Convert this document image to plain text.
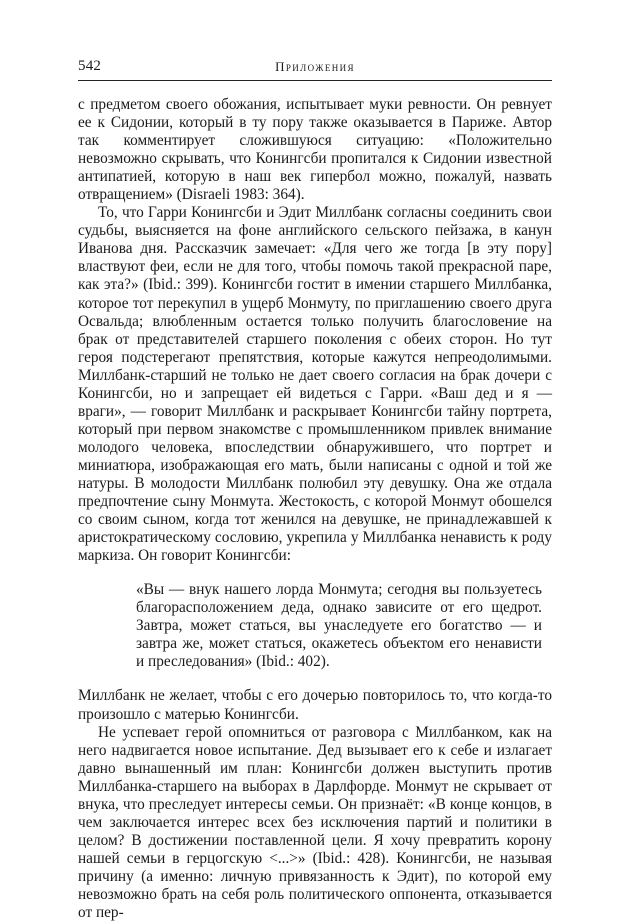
542	Приложения

с предметом своего обожания, испытывает муки ревности. Он ревнует ее к Сидонии, который в ту пору также оказывается в Париже. Автор так комментирует сложившуюся ситуацию: «Положительно невозможно скрывать, что Конингсби пропитался к Сидонии известной антипатией, которую в наш век гипербол можно, пожалуй, назвать отвращением» (Disraeli 1983: 364).

То, что Гарри Конингсби и Эдит Миллбанк согласны соединить свои судьбы, выясняется на фоне английского сельского пейзажа, в канун Иванова дня. Рассказчик замечает: «Для чего же тогда [в эту пору] властвуют феи, если не для того, чтобы помочь такой прекрасной паре, как эта?» (Ibid.: 399). Конингсби гостит в имении старшего Миллбанка, которое тот перекупил в ущерб Монмуту, по приглашению своего друга Освальда; влюбленным остается только получить благословение на брак от представителей старшего поколения с обеих сторон. Но тут героя подстерегают препятствия, которые кажутся непреодолимыми. Миллбанк-старший не только не дает своего согласия на брак дочери с Конингсби, но и запрещает ей видеться с Гарри. «Ваш дед и я — враги», — говорит Миллбанк и раскрывает Конингсби тайну портрета, который при первом знакомстве с промышленником привлек внимание молодого человека, впоследствии обнаружившего, что портрет и миниатюра, изображающая его мать, были написаны с одной и той же натуры. В молодости Миллбанк полюбил эту девушку. Она же отдала предпочтение сыну Монмута. Жестокость, с которой Монмут обошелся со своим сыном, когда тот женился на девушке, не принадлежавшей к аристократическому сословию, укрепила у Миллбанка ненависть к роду маркиза. Он говорит Конингсби:

«Вы — внук нашего лорда Монмута; сегодня вы пользуетесь благорасположением деда, однако зависите от его щедрот. Завтра, может статься, вы унаследуете его богатство — и завтра же, может статься, окажетесь объектом его ненависти и преследования» (Ibid.: 402).

Миллбанк не желает, чтобы с его дочерью повторилось то, что когда-то произошло с матерью Конингсби.

Не успевает герой опомниться от разговора с Миллбанком, как на него надвигается новое испытание. Дед вызывает его к себе и излагает давно вынашенный им план: Конингсби должен выступить против Миллбанка-старшего на выборах в Дарлфорде. Монмут не скрывает от внука, что преследует интересы семьи. Он признаёт: «В конце концов, в чем заключается интерес всех без исключения партий и политики в целом? В достижении поставленной цели. Я хочу превратить корону нашей семьи в герцогскую <...>» (Ibid.: 428). Конингсби, не называя причину (а именно: личную привязанность к Эдит), по которой ему невозможно брать на себя роль политического оппонента, отказывается от пер-
